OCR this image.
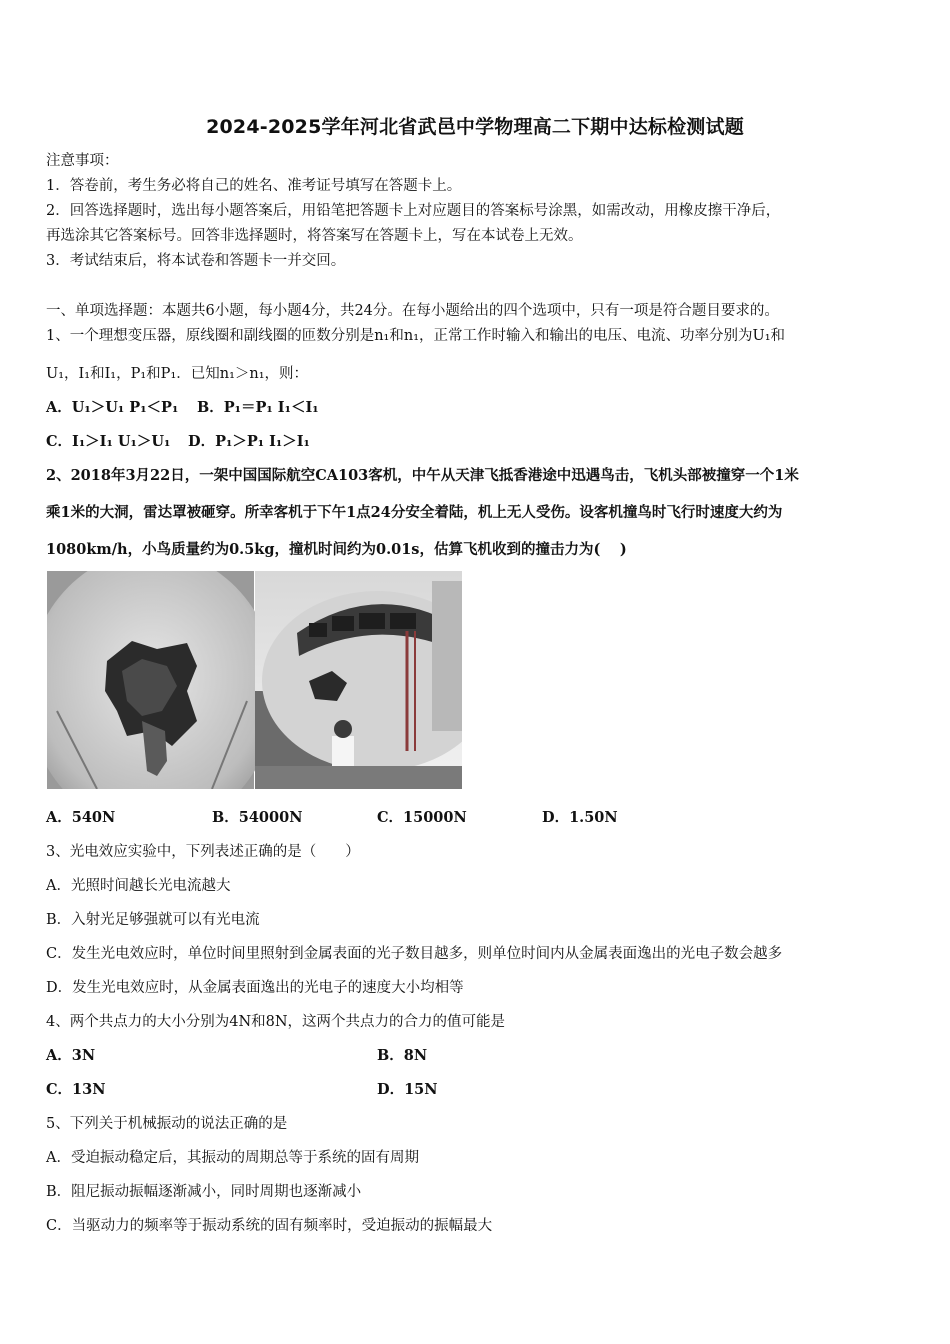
2024-2025学年河北省武邑中学物理高二下期中达标检测试题
注意事项：
1．答卷前，考生务必将自己的姓名、准考证号填写在答题卡上。
2．回答选择题时，选出每小题答案后，用铅笔把答题卡上对应题目的答案标号涂黑，如需改动，用橡皮擦干净后，
再选涂其它答案标号。回答非选择题时，将答案写在答题卡上，写在本试卷上无效。
3．考试结束后，将本试卷和答题卡一并交回。
一、单项选择题：本题共6小题，每小题4分，共24分。在每小题给出的四个选项中，只有一项是符合题目要求的。
1、一个理想变压器，原线圈和副线圈的匝数分别是n₁和n₁，正常工作时输入和输出的电压、电流、功率分别为U₁和
U₁，I₁和I₁，P₁和P₁．已知n₁＞n₁，则：
A．U₁＞U₁ P₁＜P₁ B．P₁＝P₁ I₁＜I₁
C．I₁＞I₁ U₁＞U₁ D．P₁＞P₁ I₁＞I₁
2、2018年3月22日，一架中国国际航空CA103客机，中午从天津飞抵香港途中迅遇鸟击，飞机头部被撞穿一个1米
乘1米的大洞，雷达罩被砸穿。所幸客机于下午1点24分安全着陆，机上无人受伤。设客机撞鸟时飞行时速度大约为
1080km/h，小鸟质量约为0.5kg，撞机时间约为0.01s，估算飞机收到的撞击力为(　 )
A．540N	B．54000N	C．15000N	D．1.50N
3、光电效应实验中，下列表述正确的是（　　）
A．光照时间越长光电流越大
B．入射光足够强就可以有光电流
C．发生光电效应时，单位时间里照射到金属表面的光子数目越多，则单位时间内从金属表面逸出的光电子数会越多
D．发生光电效应时，从金属表面逸出的光电子的速度大小均相等
4、两个共点力的大小分别为4N和8N，这两个共点力的合力的值可能是
A．3N	B．8N
C．13N	D．15N
5、下列关于机械振动的说法正确的是
A．受迫振动稳定后，其振动的周期总等于系统的固有周期
B．阻尼振动振幅逐渐减小，同时周期也逐渐减小
C．当驱动力的频率等于振动系统的固有频率时，受迫振动的振幅最大
